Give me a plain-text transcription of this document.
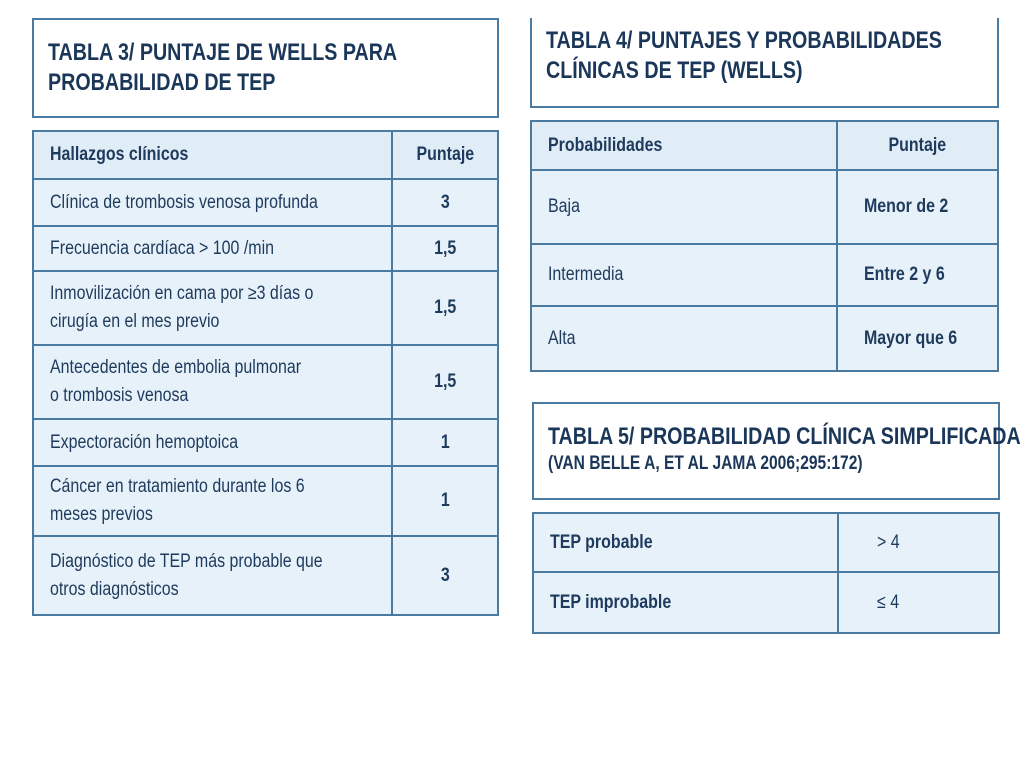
TABLA 3/ PUNTAJE DE WELLS PARA
PROBABILIDAD DE TEP
Hallazgos clínicos	Puntaje
Clínica de trombosis venosa profunda	3
Frecuencia cardíaca > 100 /min	1,5
Inmovilización en cama por ≥3 días o
cirugía en el mes previo	1,5
Antecedentes de embolia pulmonar
o trombosis venosa	1,5
Expectoración hemoptoica	1
Cáncer en tratamiento durante los 6
meses previos	1
Diagnóstico de TEP más probable que
otros diagnósticos	3
TABLA 4/ PUNTAJES Y PROBABILIDADES
CLÍNICAS DE TEP (WELLS)
Probabilidades	Puntaje
Baja	Menor de 2
Intermedia	Entre 2 y 6
Alta	Mayor que 6
TABLA 5/ PROBABILIDAD CLÍNICA SIMPLIFICADA
(VAN BELLE A, ET AL JAMA 2006;295:172)
TEP probable	> 4
TEP improbable	≤ 4
